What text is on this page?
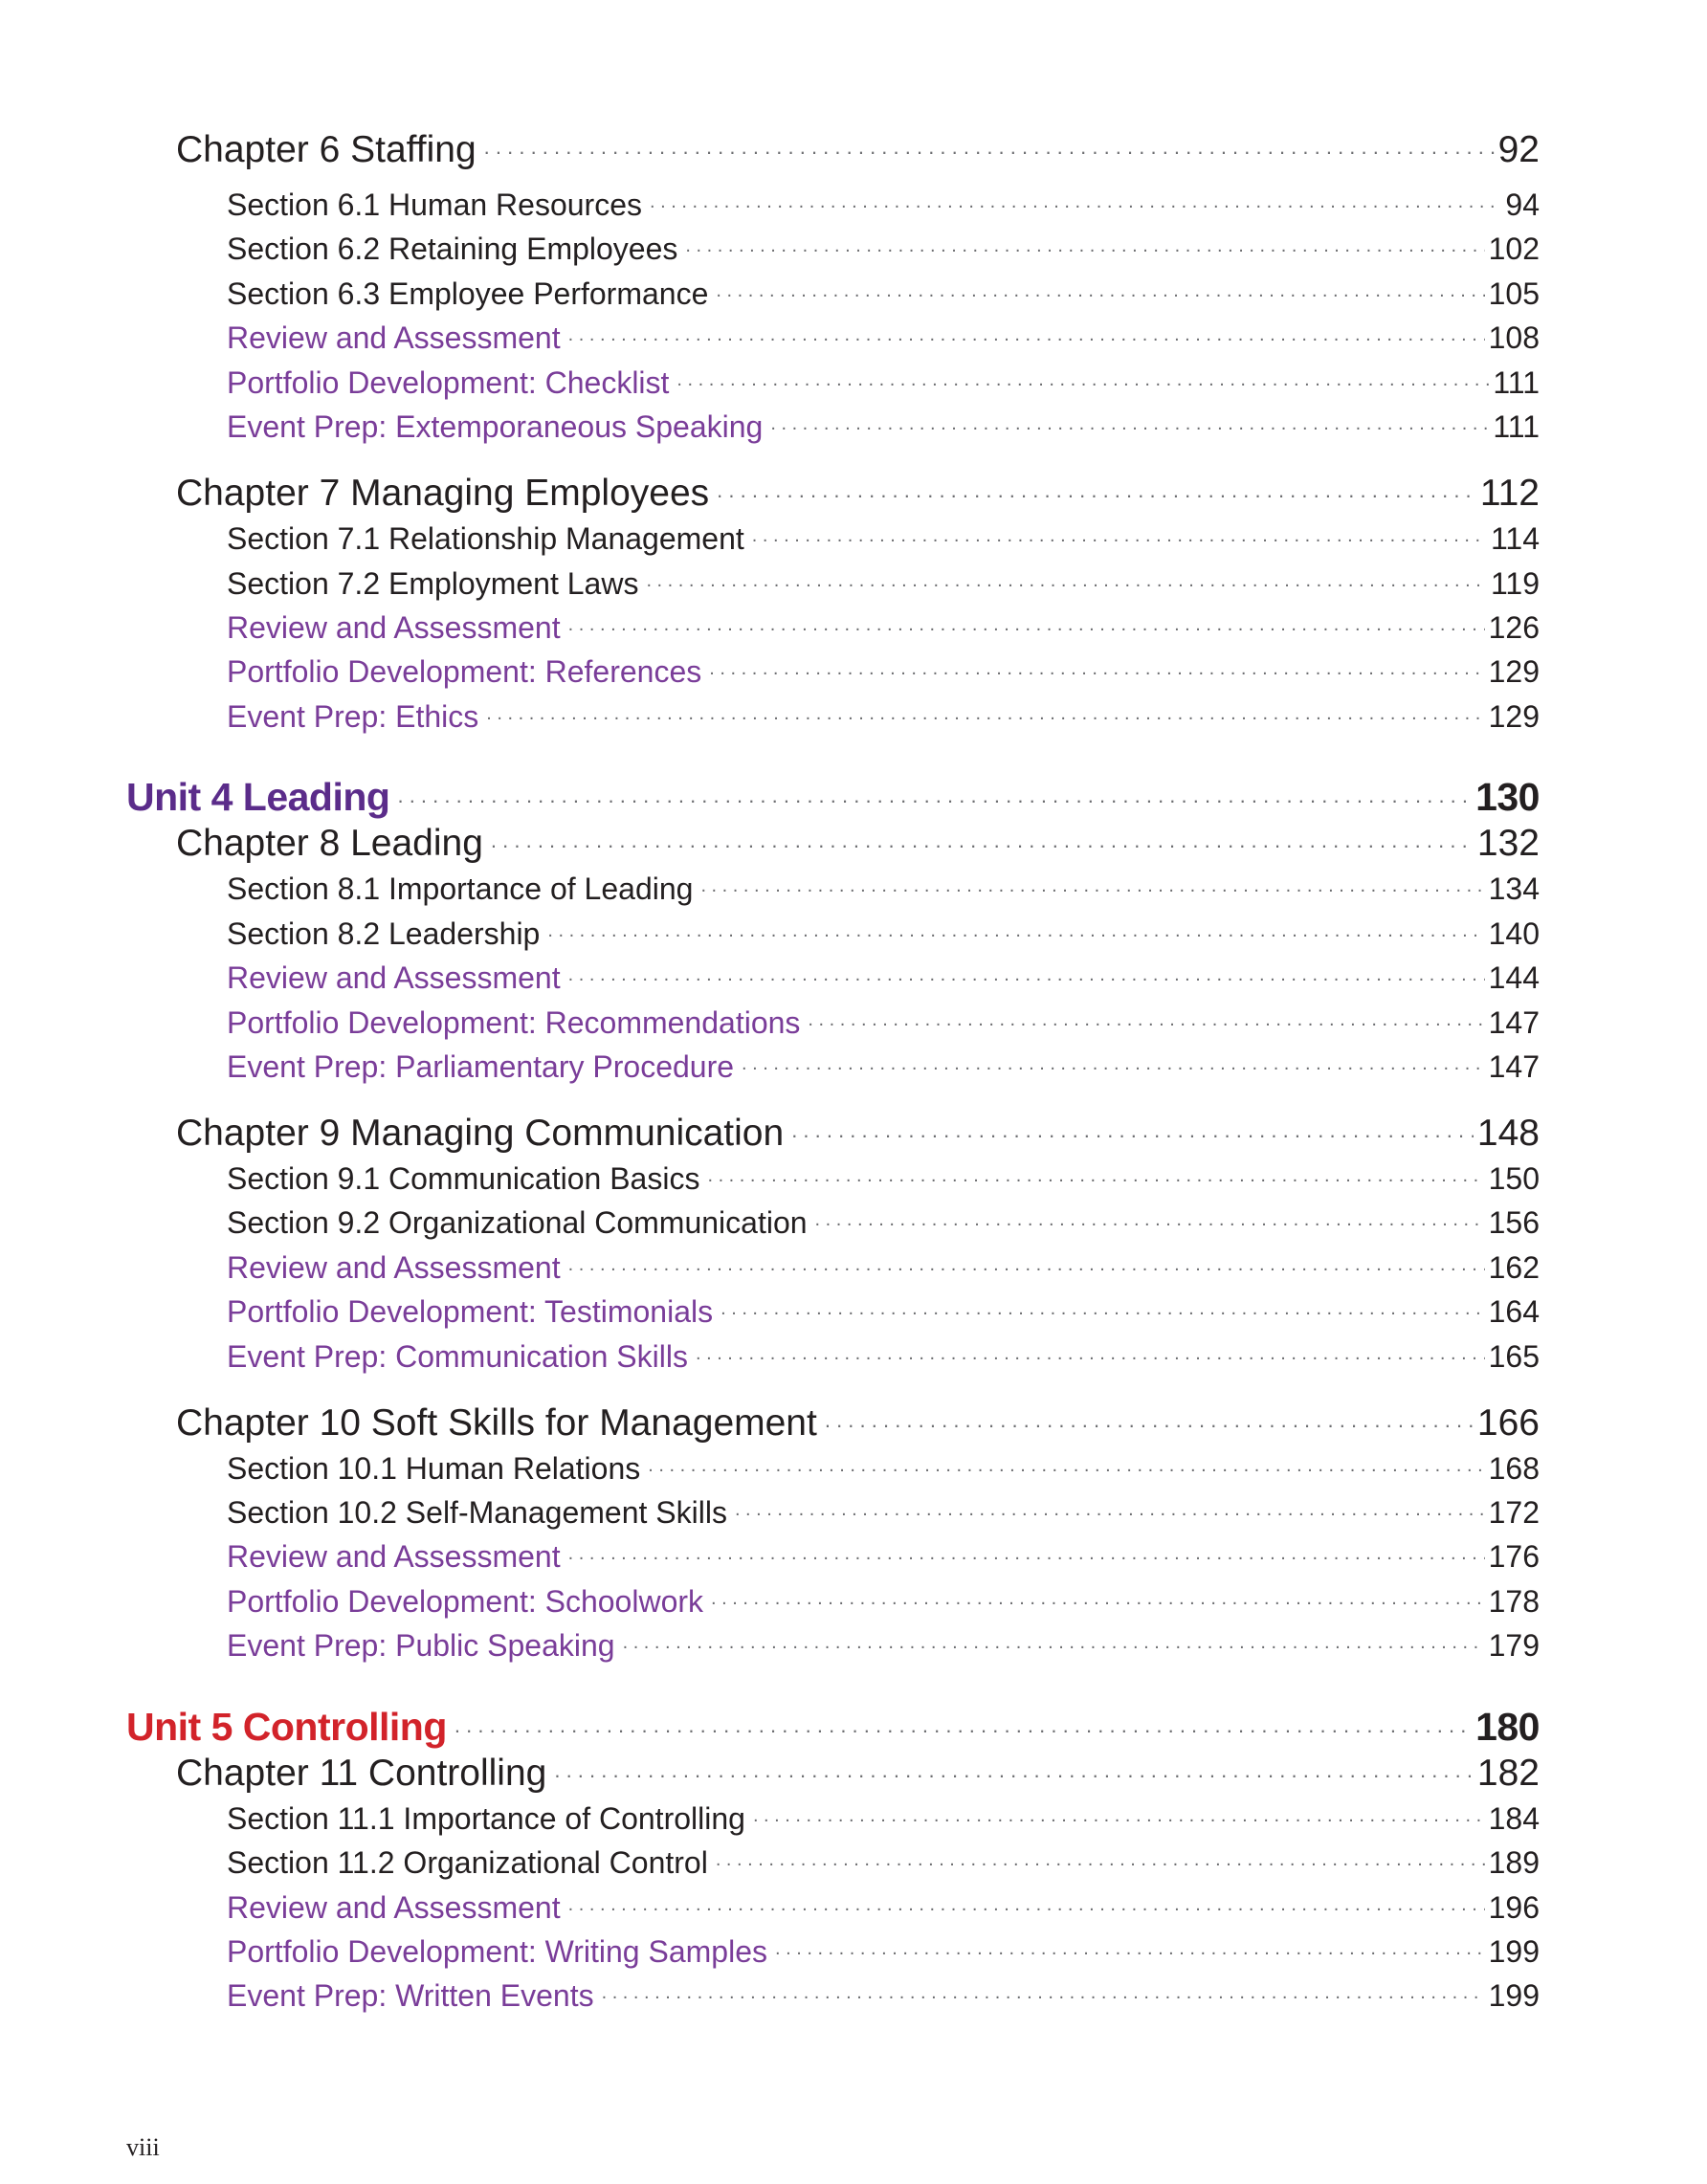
Chapter 6 Staffing . . .	92
Section 6.1 Human Resources . . .	94
Section 6.2 Retaining Employees . . .	102
Section 6.3 Employee Performance . . .	105
Review and Assessment . . .	108
Portfolio Development: Checklist . . .	111
Event Prep: Extemporaneous Speaking . . .	111
Chapter 7 Managing Employees . . .	112
Section 7.1 Relationship Management . . .	114
Section 7.2 Employment Laws . . .	119
Review and Assessment . . .	126
Portfolio Development: References . . .	129
Event Prep: Ethics . . .	129
Unit 4 Leading . . .	130
Chapter 8 Leading . . .	132
Section 8.1 Importance of Leading . . .	134
Section 8.2 Leadership . . .	140
Review and Assessment . . .	144
Portfolio Development: Recommendations . . .	147
Event Prep: Parliamentary Procedure . . .	147
Chapter 9 Managing Communication . . .	148
Section 9.1 Communication Basics . . .	150
Section 9.2 Organizational Communication . . .	156
Review and Assessment . . .	162
Portfolio Development: Testimonials . . .	164
Event Prep: Communication Skills . . .	165
Chapter 10 Soft Skills for Management . . .	166
Section 10.1 Human Relations . . .	168
Section 10.2 Self-Management Skills . . .	172
Review and Assessment . . .	176
Portfolio Development: Schoolwork . . .	178
Event Prep: Public Speaking . . .	179
Unit 5 Controlling . . .	180
Chapter 11 Controlling . . .	182
Section 11.1 Importance of Controlling . . .	184
Section 11.2 Organizational Control . . .	189
Review and Assessment . . .	196
Portfolio Development: Writing Samples . . .	199
Event Prep: Written Events . . .	199
viii
